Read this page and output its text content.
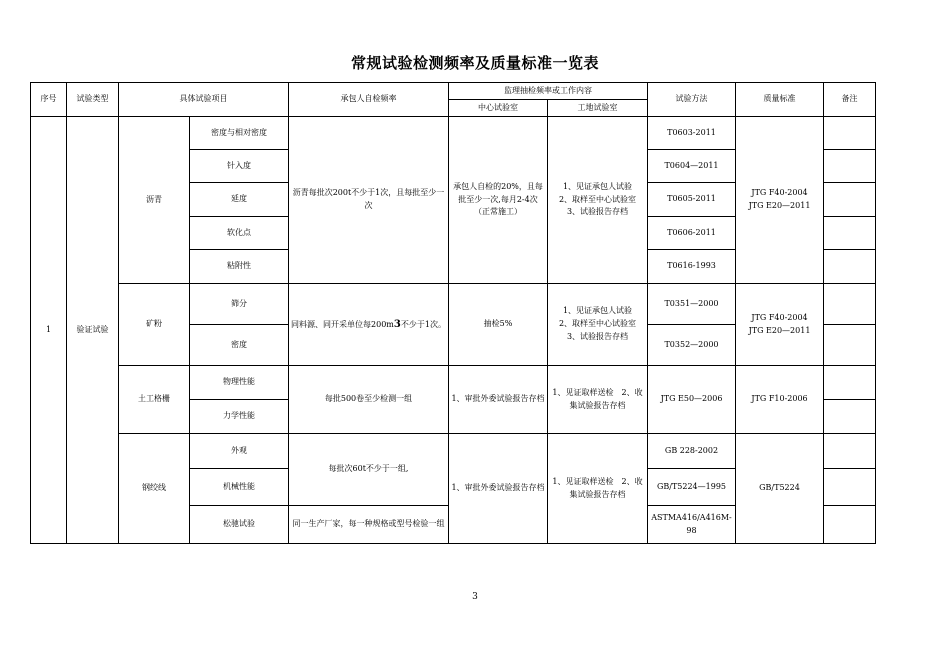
常规试验检测频率及质量标准一览表
序号	试验类型	具体试验项目		承包人自检频率	监理抽检频率或工作内容		试验方法	质量标准	备注
					中心试验室	工地试验室			
1	验证试验	沥青	密度与相对密度	沥青每批次200t不少于1次，且每批至少一次	承包人自检的20%，且每批至少一次,每月2-4次（正常施工）	1、见证承包人试验
2、取样至中心试验室
3、试验报告存档	T0603-2011	JTG F40-2004
JTG E20—2011	
			针入度				T0604—2011		
			延度				T0605-2011		
			软化点				T0606-2011		
			粘附性				T0616-1993		
		矿粉	筛分	同料源、同开采单位每200m3不少于1次。	抽检5%	1、见证承包人试验
2、取样至中心试验室
3、试验报告存档	T0351—2000	JTG F40-2004
JTG E20—2011	
			密度				T0352—2000		
		土工格栅	物理性能	每批500卷至少检测一组	1、审批外委试验报告存档	1、见证取样送检　2、收集试验报告存档	JTG E50—2006	JTG F10-2006	
			力学性能						
		钢绞线	外观	每批次60t不少于一组,	1、审批外委试验报告存档	1、见证取样送检　2、收集试验报告存档	GB 228-2002	GB/T5224	
			机械性能				GB/T5224—1995		
			松驰试验	同一生产厂家，每一种规格或型号检验一组			ASTMA416/A416M-98		
3
